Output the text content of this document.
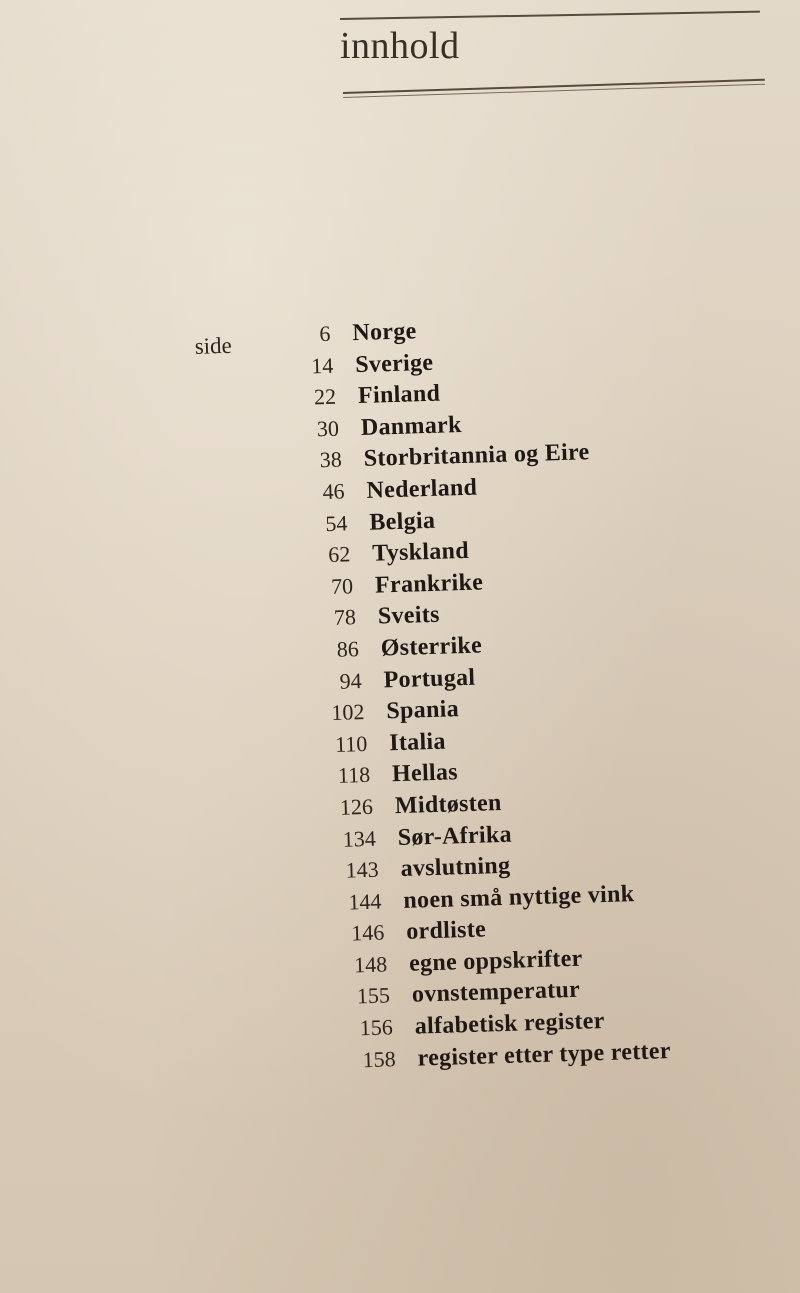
innhold
side	6 Norge
14 Sverige
22 Finland
30 Danmark
38 Storbritannia og Eire
46 Nederland
54 Belgia
62 Tyskland
70 Frankrike
78 Sveits
86 Østerrike
94 Portugal
102 Spania
110 Italia
118 Hellas
126 Midtøsten
134 Sør-Afrika
143 avslutning
144 noen små nyttige vink
146 ordliste
148 egne oppskrifter
155 ovnstemperatur
156 alfabetisk register
158 register etter type retter
